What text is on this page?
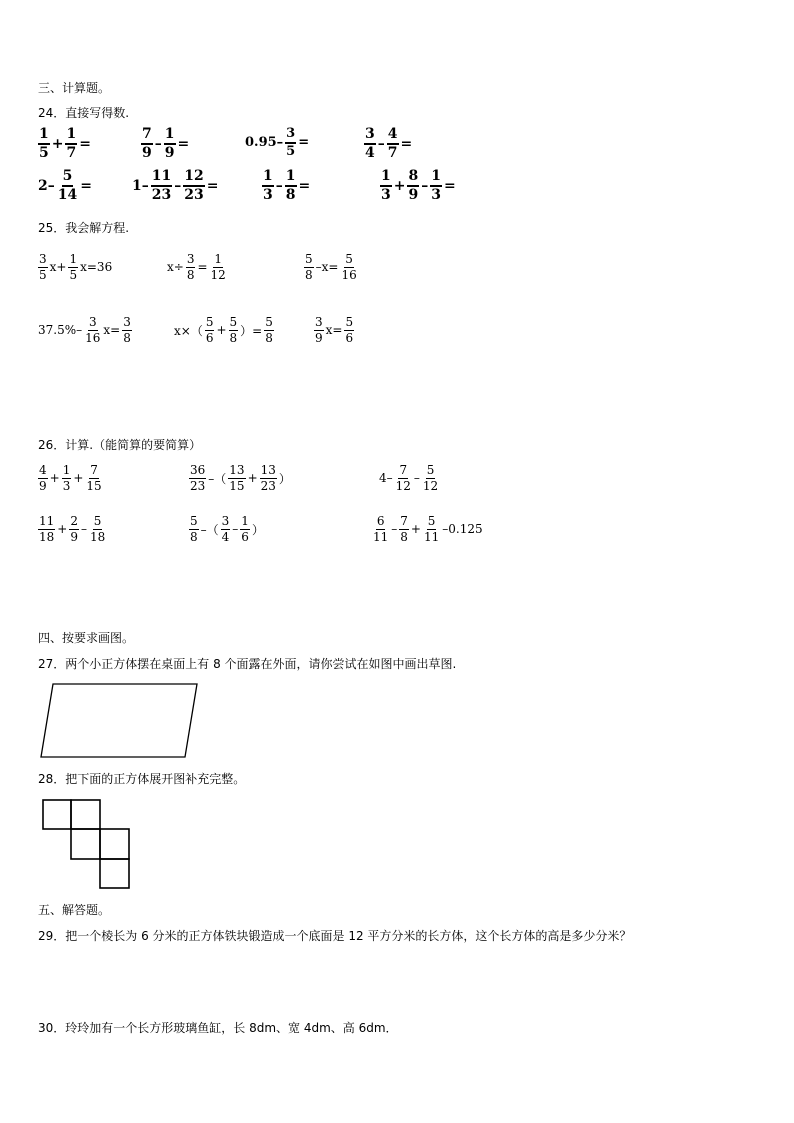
三、计算题。
24．直接写得数.
$\frac{1}{5} + \frac{1}{7}$ =	$\frac{7}{9} - \frac{1}{9}$ =	$0.95- \frac{3}{5}$ =	$\frac{3}{4} - \frac{4}{7}$ =
$2- \frac{5}{14}$ =	$1- \frac{11}{23} - \frac{12}{23}$ =	$\frac{1}{3} - \frac{1}{8}$ =	$\frac{1}{3} + \frac{8}{9} - \frac{1}{3}$ =
25．我会解方程.
$\frac{3}{5} x+ \frac{1}{5} x=36$	$x\div \frac{3}{8} = \frac{1}{12}$	$\frac{5}{8} -x= \frac{5}{16}$
$37.5\%- \frac{3}{16} x= \frac{3}{8}$	$x\times( \frac{5}{6} + \frac{5}{8}$ ）= $\frac{5}{8}$	$\frac{3}{9} x= \frac{5}{6}$
26．计算.（能简算的要简算）
$\frac{4}{9} + \frac{1}{3} + \frac{7}{15}$	$\frac{36}{23}$ –（ $\frac{13}{15} + \frac{13}{23}$ ）	$4- \frac{7}{12} - \frac{5}{12}$
$\frac{11}{18} + \frac{2}{9} - \frac{5}{18}$	$\frac{5}{8}$ –（ $\frac{3}{4} - \frac{1}{6}$ ）	$\frac{6}{11} - \frac{7}{8} + \frac{5}{11} -0.125$
四、按要求画图。
27．两个小正方体摆在桌面上有 8 个面露在外面，请你尝试在如图中画出草图.
28．把下面的正方体展开图补充完整。
五、解答题。
29．把一个棱长为 6 分米的正方体铁块锻造成一个底面是 12 平方分米的长方体，这个长方体的高是多少分米？
30．玲玲加有一个长方形玻璃鱼缸，长 8dm、宽 4dm、高 6dm．
